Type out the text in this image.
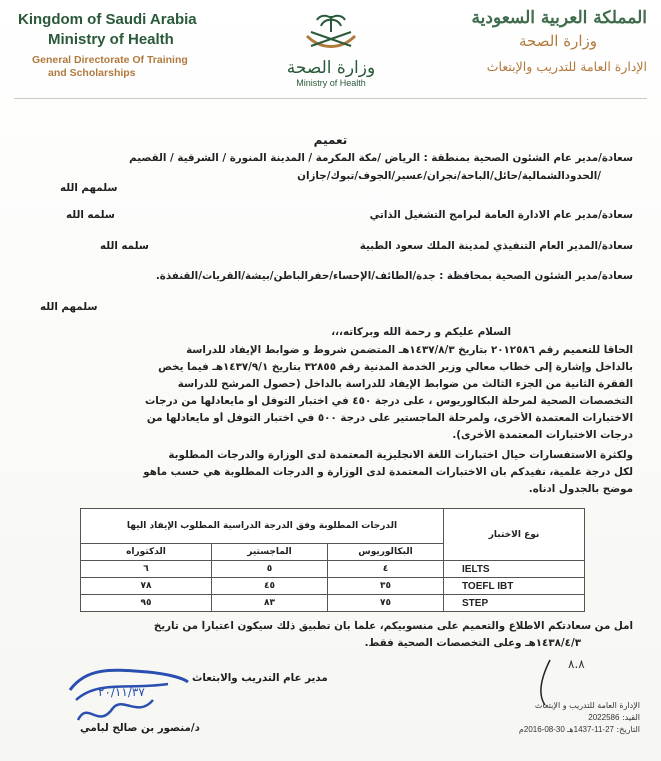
Kingdom of Saudi Arabia
Ministry of Health
General Directorate Of Training
and Scholarships	وزارة الصحة
Ministry of Health
المملكة العربية السعودية
وزارة الصحة
الإدارة العامة للتدريب والإبتعاث
تعميم
سعادة/مدير عام الشئون الصحية بمنطقة : الرياض /مكة المكرمة / المدينة المنورة / الشرقية / القصيم
/الحدودالشمالية/حائل/الباحة/نجران/عسير/الجوف/تبوك/جازان
سلمهم الله
سعادة/مدير عام الادارة العامة لبرامج التشغيل الذاتي
سلمه الله
سعادة/المدير العام التنفيذي لمدينة الملك سعود الطبية
سلمه الله
سعادة/مدير الشئون الصحية بمحافظة : جدة/الطائف/الإحساء/حفرالباطن/بيشة/القريات/القنفذة.
سلمهم الله
السلام عليكم و رحمة الله وبركاته،،،
الحاقاً للتعميم رقم ٢٠١٢٥٨٦ بتاريخ ١٤٣٧/٨/٣هـ المتضمن شروط و ضوابط الإيفاد للدراسة
بالداخل وإشارة إلى خطاب معالي وزير الخدمة المدنية رقم ٣٢٨٥٥ بتاريخ ١٤٣٧/٩/١هـ فيما يخص
الفقرة الثانية من الجزء الثالث من ضوابط الإيفاد للدراسة بالداخل (حصول المرشح للدراسة
التخصصات الصحية لمرحلة البكالوريوس ، على درجة ٤٥٠ في اختبار التوفل أو مايعادلها من درجات
الاختبارات المعتمدة الأخرى، ولمرحلة الماجستير على درجة ٥٠٠ في اختبار التوفل أو مايعادلها من
درجات الاختبارات المعتمدة الأخرى).
ولكثرة الاستفسارات حيال اختبارات اللغة الانجليزية المعتمدة لدى الوزارة والدرجات المطلوبة
لكل درجة علمية، نفيدكم بان الاختبارات المعتمدة لدى الوزارة و الدرجات المطلوبة هي حسب ماهو
موضح بالجدول ادناه.
نوع الاختبار	الدرجات المطلوبة وفق الدرجة الدراسية المطلوب الإيفاد اليها		
	البكالوريوس	الماجستير	الدكتوراه
IELTS	٤	٥	٦
TOEFL IBT	٣٥	٤٥	٧٨
STEP	٧٥	٨٣	٩٥
امل من سعادتكم الاطلاع والتعميم على منسوبيكم، علماً بان تطبيق ذلك سيكون اعتباراً من تاريخ
١٤٣٨/٤/٣هـ وعلى التخصصات الصحية فقط.
٨.٨
مدير عام التدريب والابتعاث
٢٠/١١/٣٧
د/منصور بن صالح لبامي
الإدارة العامة للتدريب و الإبتعاث
القيد: 2022586
التاريخ: 27-11-1437هـ 30-08-2016م
